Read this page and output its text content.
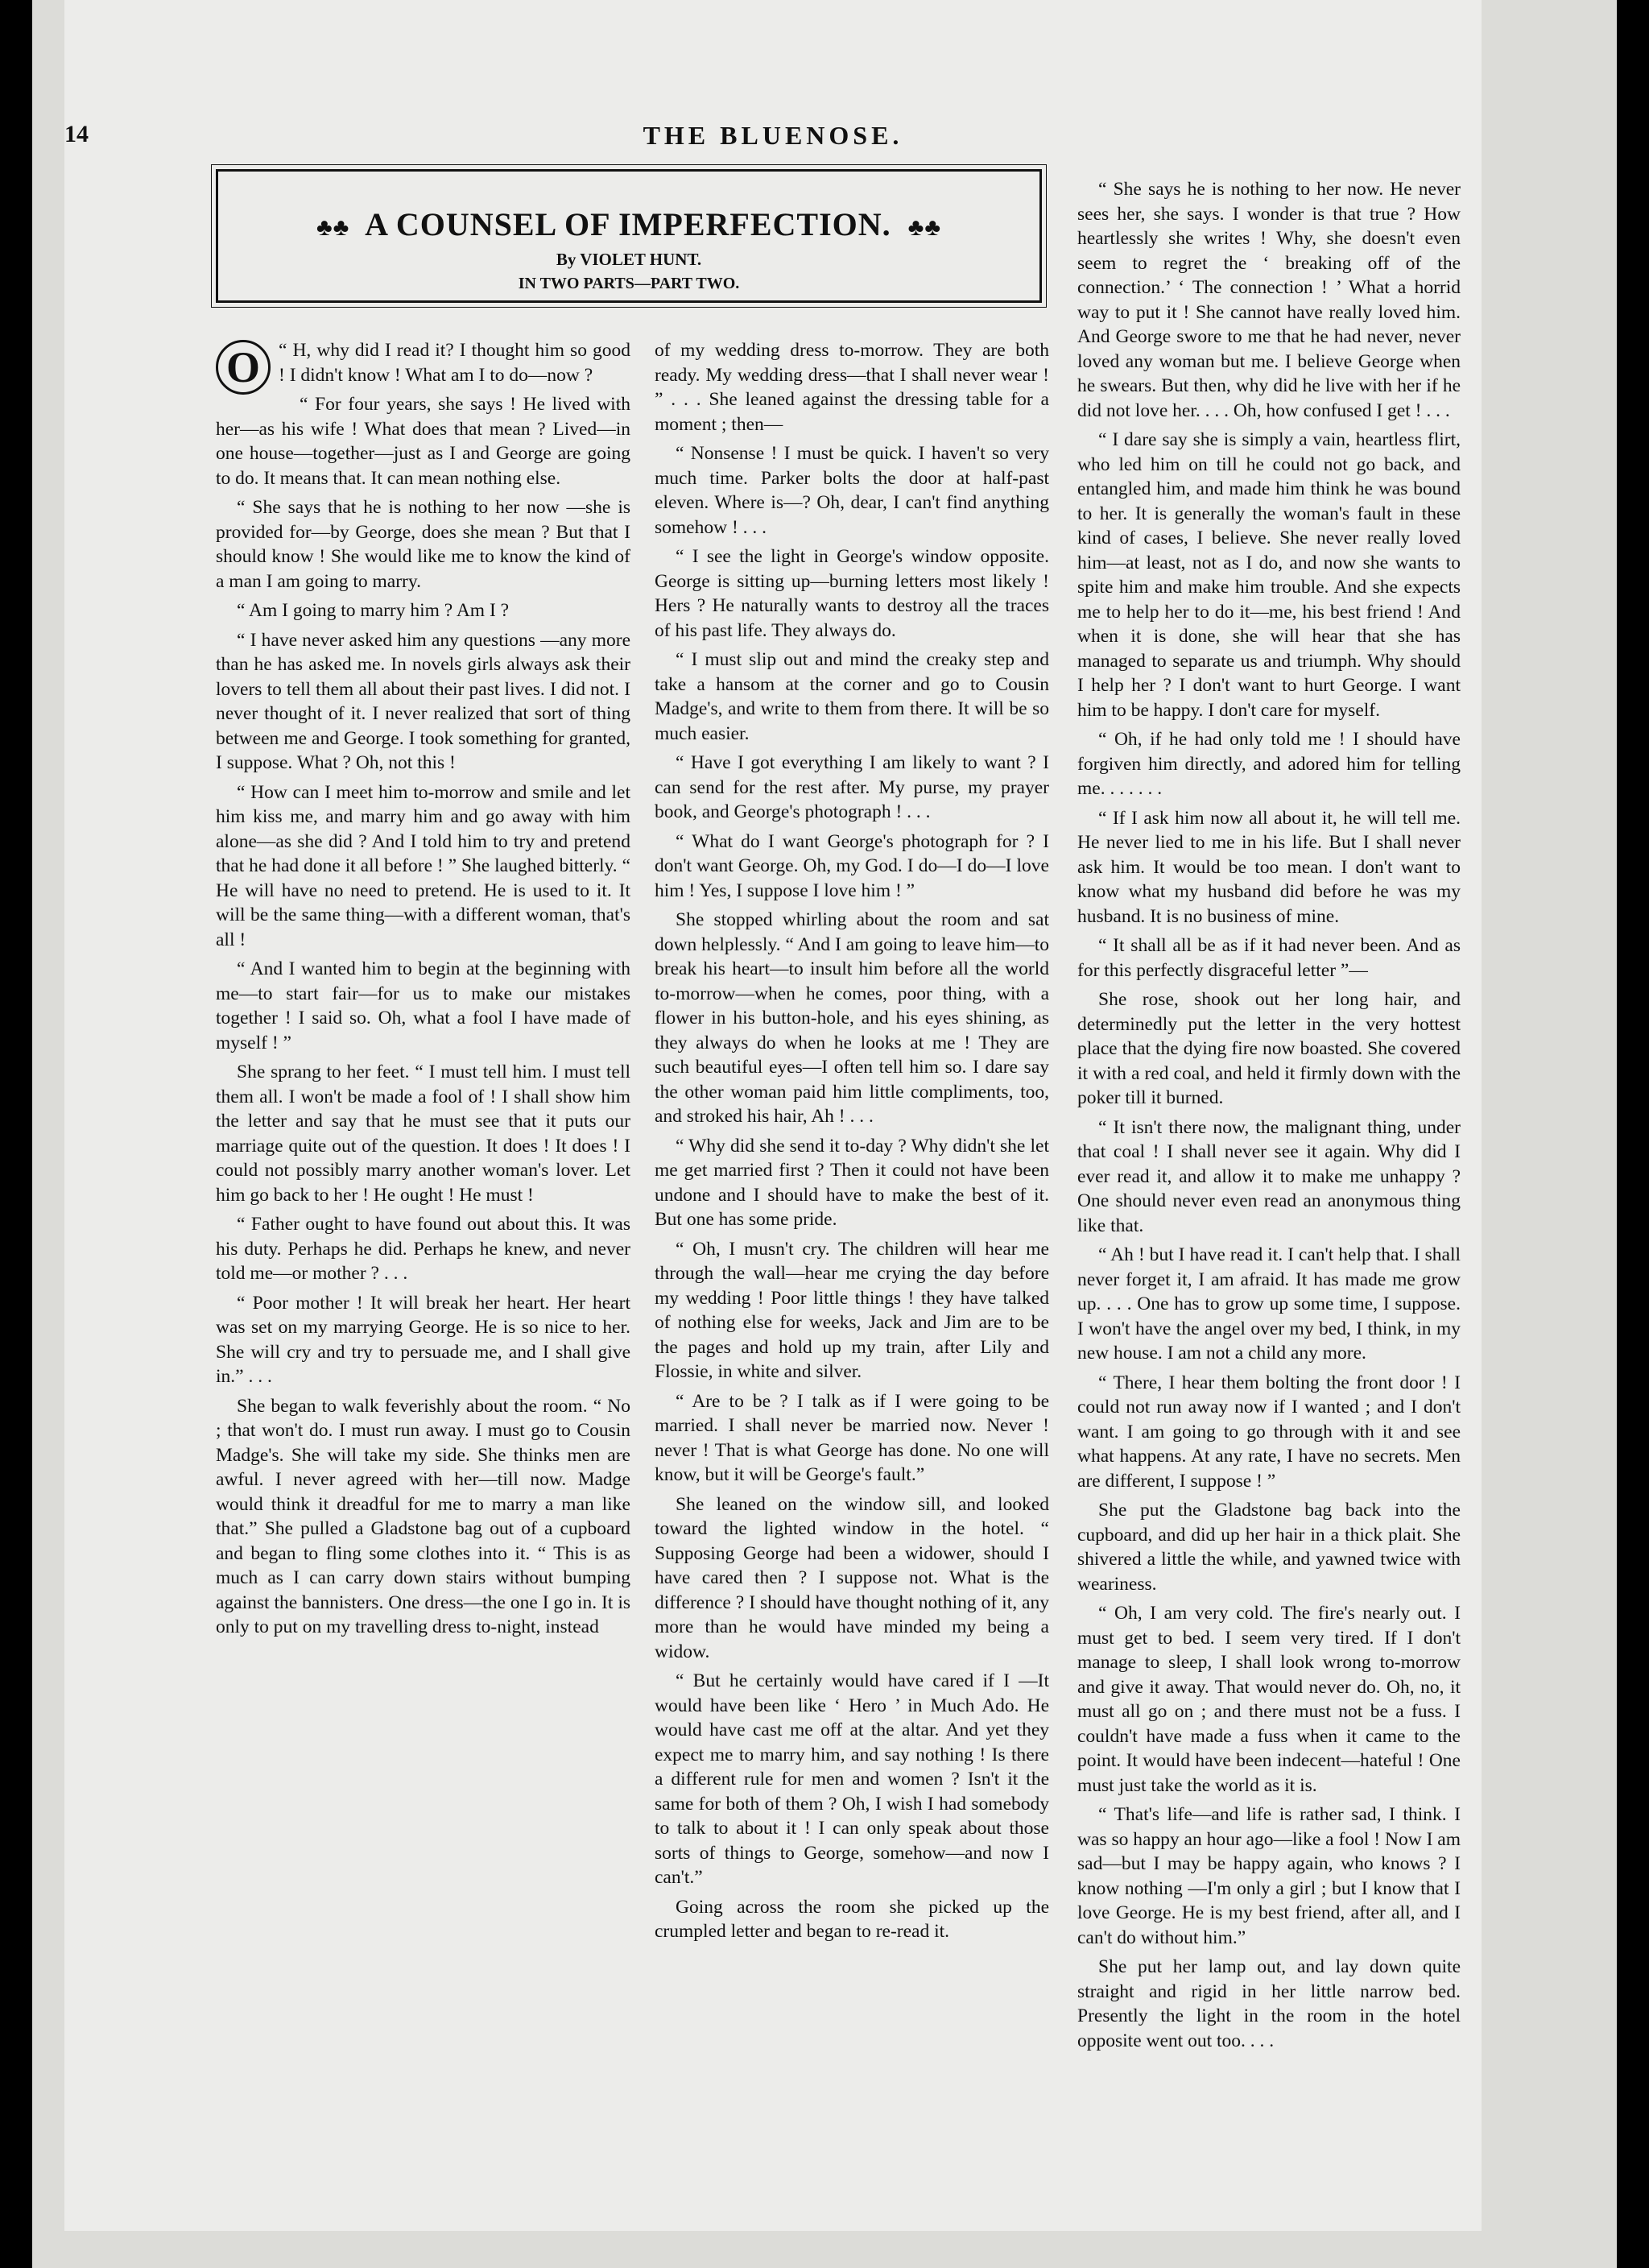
14	THE BLUENOSE.
♣♣ A COUNSEL OF IMPERFECTION. ♣♣
By VIOLET HUNT.
IN TWO PARTS—PART TWO.
O “ H, why did I read it? I thought him so good ! I didn't know ! What am I to do—now ?

“ For four years, she says ! He lived with her—as his wife ! What does that mean ? Lived—in one house—together—just as I and George are going to do. It means that. It can mean nothing else.

“ She says that he is nothing to her now —she is provided for—by George, does she mean ? But that I should know ! She would like me to know the kind of a man I am going to marry.

“ Am I going to marry him ? Am I ?

“ I have never asked him any questions —any more than he has asked me. In novels girls always ask their lovers to tell them all about their past lives. I did not. I never thought of it. I never realized that sort of thing between me and George. I took something for granted, I suppose. What ? Oh, not this !

“ How can I meet him to-morrow and smile and let him kiss me, and marry him and go away with him alone—as she did ? And I told him to try and pretend that he had done it all before ! ” She laughed bitterly. “ He will have no need to pretend. He is used to it. It will be the same thing—with a different woman, that's all !

“ And I wanted him to begin at the beginning with me—to start fair—for us to make our mistakes together ! I said so. Oh, what a fool I have made of myself ! ”

She sprang to her feet. “ I must tell him. I must tell them all. I won't be made a fool of ! I shall show him the letter and say that he must see that it puts our marriage quite out of the question. It does ! It does ! I could not possibly marry another woman's lover. Let him go back to her ! He ought ! He must !

“ Father ought to have found out about this. It was his duty. Perhaps he did. Perhaps he knew, and never told me—or mother ? . . .

“ Poor mother ! It will break her heart. Her heart was set on my marrying George. He is so nice to her. She will cry and try to persuade me, and I shall give in.” . . .

She began to walk feverishly about the room. “ No ; that won't do. I must run away. I must go to Cousin Madge's. She will take my side. She thinks men are awful. I never agreed with her—till now. Madge would think it dreadful for me to marry a man like that.” She pulled a Gladstone bag out of a cupboard and began to fling some clothes into it. “ This is as much as I can carry down stairs without bumping against the bannisters. One dress—the one I go in. It is only to put on my travelling dress to-night, instead

of my wedding dress to-morrow. They are both ready. My wedding dress—that I shall never wear ! ” . . . She leaned against the dressing table for a moment ; then—

“ Nonsense ! I must be quick. I haven't so very much time. Parker bolts the door at half-past eleven. Where is—? Oh, dear, I can't find anything somehow ! . . .

“ I see the light in George's window opposite. George is sitting up—burning letters most likely ! Hers ? He naturally wants to destroy all the traces of his past life. They always do.

“ I must slip out and mind the creaky step and take a hansom at the corner and go to Cousin Madge's, and write to them from there. It will be so much easier.

“ Have I got everything I am likely to want ? I can send for the rest after. My purse, my prayer book, and George's photograph ! . . .

“ What do I want George's photograph for ? I don't want George. Oh, my God. I do—I do—I love him ! Yes, I suppose I love him ! ”

She stopped whirling about the room and sat down helplessly. “ And I am going to leave him—to break his heart—to insult him before all the world to-morrow—when he comes, poor thing, with a flower in his button-hole, and his eyes shining, as they always do when he looks at me ! They are such beautiful eyes—I often tell him so. I dare say the other woman paid him little compliments, too, and stroked his hair, Ah ! . . .

“ Why did she send it to-day ? Why didn't she let me get married first ? Then it could not have been undone and I should have to make the best of it. But one has some pride.

“ Oh, I musn't cry. The children will hear me through the wall—hear me crying the day before my wedding ! Poor little things ! they have talked of nothing else for weeks, Jack and Jim are to be the pages and hold up my train, after Lily and Flossie, in white and silver.

“ Are to be ? I talk as if I were going to be married. I shall never be married now. Never ! never ! That is what George has done. No one will know, but it will be George's fault.”

She leaned on the window sill, and looked toward the lighted window in the hotel. “ Supposing George had been a widower, should I have cared then ? I suppose not. What is the difference ? I should have thought nothing of it, any more than he would have minded my being a widow.

“ But he certainly would have cared if I —It would have been like ‘ Hero ’ in Much Ado. He would have cast me off at the altar. And yet they expect me to marry him, and say nothing ! Is there a different rule for men and women ? Isn't it the same for both of them ? Oh, I wish I had somebody to talk to about it ! I can only speak about those sorts of things to George, somehow—and now I can't.”

Going across the room she picked up the crumpled letter and began to re-read it.

“ She says he is nothing to her now. He never sees her, she says. I wonder is that true ? How heartlessly she writes ! Why, she doesn't even seem to regret the ‘ breaking off of the connection.’ ‘ The connection ! ’ What a horrid way to put it ! She cannot have really loved him. And George swore to me that he had never, never loved any woman but me. I believe George when he swears. But then, why did he live with her if he did not love her. . . . Oh, how confused I get ! . . .

“ I dare say she is simply a vain, heartless flirt, who led him on till he could not go back, and entangled him, and made him think he was bound to her. It is generally the woman's fault in these kind of cases, I believe. She never really loved him—at least, not as I do, and now she wants to spite him and make him trouble. And she expects me to help her to do it—me, his best friend ! And when it is done, she will hear that she has managed to separate us and triumph. Why should I help her ? I don't want to hurt George. I want him to be happy. I don't care for myself.

“ Oh, if he had only told me ! I should have forgiven him directly, and adored him for telling me. . . . . . .

“ If I ask him now all about it, he will tell me. He never lied to me in his life. But I shall never ask him. It would be too mean. I don't want to know what my husband did before he was my husband. It is no business of mine.

“ It shall all be as if it had never been. And as for this perfectly disgraceful letter ”—

She rose, shook out her long hair, and determinedly put the letter in the very hottest place that the dying fire now boasted. She covered it with a red coal, and held it firmly down with the poker till it burned.

“ It isn't there now, the malignant thing, under that coal ! I shall never see it again. Why did I ever read it, and allow it to make me unhappy ? One should never even read an anonymous thing like that.

“ Ah ! but I have read it. I can't help that. I shall never forget it, I am afraid. It has made me grow up. . . . One has to grow up some time, I suppose. I won't have the angel over my bed, I think, in my new house. I am not a child any more.

“ There, I hear them bolting the front door ! I could not run away now if I wanted ; and I don't want. I am going to go through with it and see what happens. At any rate, I have no secrets. Men are different, I suppose ! ”

She put the Gladstone bag back into the cupboard, and did up her hair in a thick plait. She shivered a little the while, and yawned twice with weariness.

“ Oh, I am very cold. The fire's nearly out. I must get to bed. I seem very tired. If I don't manage to sleep, I shall look wrong to-morrow and give it away. That would never do. Oh, no, it must all go on ; and there must not be a fuss. I couldn't have made a fuss when it came to the point. It would have been indecent—hateful ! One must just take the world as it is.

“ That's life—and life is rather sad, I think. I was so happy an hour ago—like a fool ! Now I am sad—but I may be happy again, who knows ? I know nothing —I'm only a girl ; but I know that I love George. He is my best friend, after all, and I can't do without him.”

She put her lamp out, and lay down quite straight and rigid in her little narrow bed. Presently the light in the room in the hotel opposite went out too. . . .
